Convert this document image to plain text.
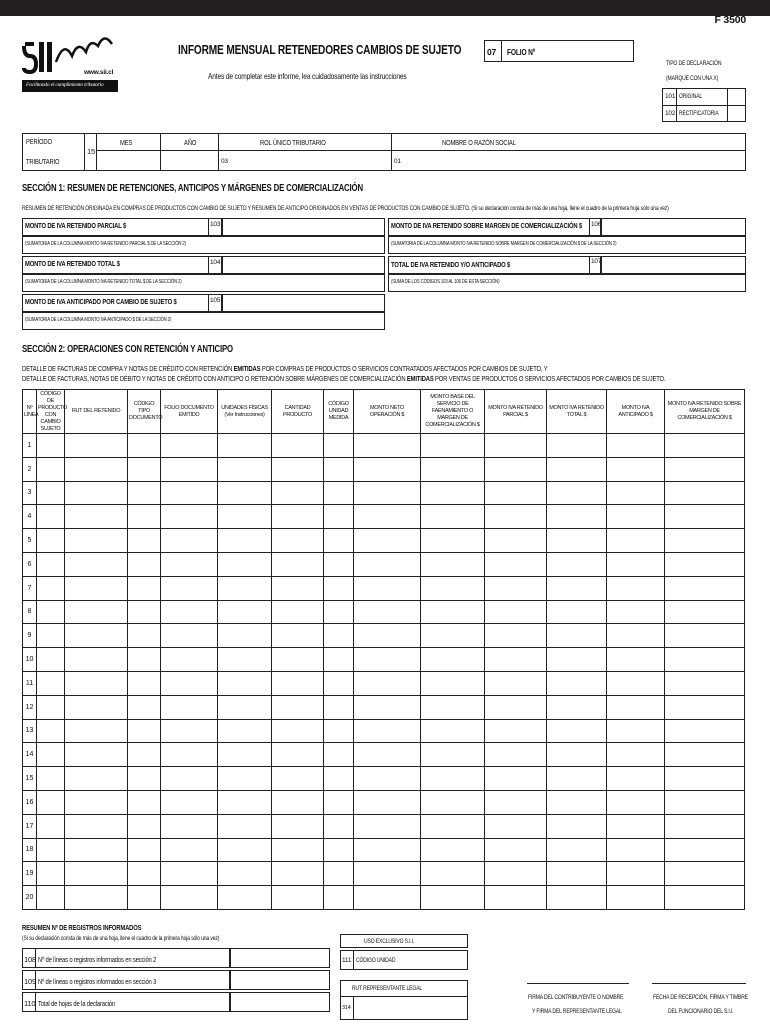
F 3500
www.sii.cl
Facilitando el cumplimiento tributario
INFORME MENSUAL RETENEDORES CAMBIOS DE SUJETO
Antes de completar este informe, lea cuidadosamente las instrucciones
07 FOLIO Nº
TIPO DE DECLARACIÓN
(MARQUE CON UNA X)
101 ORIGINAL
102 RECTIFICATORIA
PERÍODO
TRIBUTARIO
15
MES	AÑO	ROL ÚNICO TRIBUTARIO
03
NOMBRE O RAZÓN SOCIAL
01
SECCIÓN 1: RESUMEN DE RETENCIONES, ANTICIPOS Y MÁRGENES DE COMERCIALIZACIÓN
RESUMEN DE RETENCIÓN ORIGINADA EN COMPRAS DE PRODUCTOS CON CAMBIO DE SUJETO Y RESUMEN DE ANTICIPO ORIGINADOS EN VENTAS DE PRODUCTOS CON CAMBIO DE SUJETO. (Si su declaración consta de más de una hoja, llene el cuadro de la primera hoja sólo una vez)
MONTO DE IVA RETENIDO PARCIAL $	103
(SUMATORIA DE LA COLUMNA MONTO IVA RETENIDO PARCIAL $ DE LA SECCIÓN 2)
MONTO DE IVA RETENIDO TOTAL $	104
(SUMATORIA DE LA COLUMNA MONTO IVA RETENIDO TOTAL $ DE LA SECCIÓN 2)
MONTO DE IVA ANTICIPADO POR CAMBIO DE SUJETO $	105
(SUMATORIA DE LA COLUMNA MONTO IVA ANTICIPADO $ DE LA SECCIÓN 2)
MONTO DE IVA RETENIDO SOBRE MARGEN DE COMERCIALIZACIÓN $ 106
(SUMATORIA DE LA COLUMNA MONTO IVA RETENIDO SOBRE MARGEN DE COMERCIALIZACIÓN $ DE LA SECCIÓN 2)
TOTAL DE IVA RETENIDO Y/O ANTICIPADO $	107
(SUMA DE LOS CÓDIGOS 103 AL 106 DE ESTA SECCIÓN)
SECCIÓN 2: OPERACIONES CON RETENCIÓN Y ANTICIPO
DETALLE DE FACTURAS DE COMPRA Y NOTAS DE CRÉDITO CON RETENCIÓN EMITIDAS POR COMPRAS DE PRODUCTOS O SERVICIOS CONTRATADOS AFECTADOS POR CAMBIOS DE SUJETO, Y
DETALLE DE FACTURAS, NOTAS DE DÉBITO Y NOTAS DE CRÉDITO CON ANTICIPO O RETENCIÓN SOBRE MÁRGENES DE COMERCIALIZACIÓN EMITIDAS POR VENTAS DE PRODUCTOS O SERVICIOS AFECTADOS POR CAMBIOS DE SUJETO.
Nº LÍNEA	CÓDIGO DE PRODUCTO CON CAMBIO SUJETO	RUT DEL RETENIDO	CÓDIGO TIPO DOCUMENTO	FOLIO DOCUMENTO EMITIDO	UNIDADES FÍSICAS (Ver Instrucciones)	CANTIDAD PRODUCTO	CÓDIGO UNIDAD MEDIDA	MONTO NETO OPERACIÓN $	MONTO BASE DEL SERVICIO DE FAENAMIENTO O MARGEN DE COMERCIALIZACIÓN $	MONTO IVA RETENIDO PARCIAL $	MONTO IVA RETENIDO TOTAL $	MONTO IVA ANTICIPADO $	MONTO IVA RETENIDO SOBRE MARGEN DE COMERCIALIZACIÓN $
1													
2													
3													
4													
5													
6													
7													
8													
9													
10													
11													
12													
13													
14													
15													
16													
17													
18													
19													
20													
RESUMEN Nº DE REGISTROS INFORMADOS
(Si su declaración consta de más de una hoja, llene el cuadro de la primera hoja sólo una vez)
108 Nº de líneas o registros informados en sección 2
109 Nº de líneas o registros informados en sección 3
110 Total de hojas de la declaración
USO EXCLUSIVO S.I.I.
111 CÓDIGO UNIDAD
RUT REPRESENTANTE LEGAL
314
FIRMA DEL CONTRIBUYENTE O NOMBRE
Y FIRMA DEL REPRESENTANTE LEGAL
FECHA DE RECEPCIÓN, FIRMA Y TIMBRE
DEL FUNCIONARIO DEL S.I.I.
